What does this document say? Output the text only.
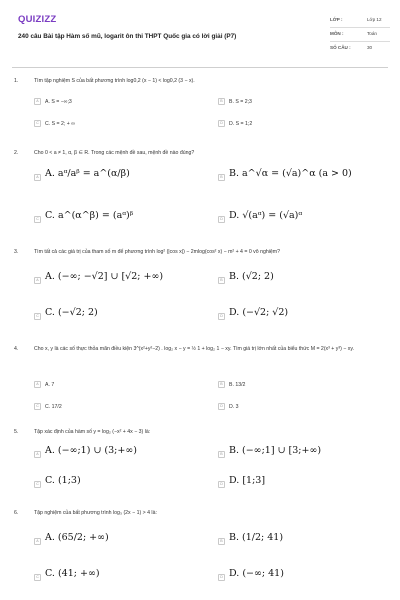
QUIZIZZ
240 câu Bài tập Hàm số mũ, logarit ôn thi THPT Quốc gia có lời giải (P7)
LỚP :	Lớp 12
MÔN :	Toán
SỐ CÂU :	30
1.	Tìm tập nghiệm S của bất phương trình log0,2 (x − 1) < log0,2 (3 − x).
A	A. S = −∞;3	B	B. S = 2;3
C	C. S = 2; + ∞	D	D. S = 1;2
2.	Cho 0 < a ≠ 1, α, β ∈ R. Trong các mệnh đề sau, mệnh đề nào đúng?
A A. aᵅ/aᵝ = a^(α/β)	B B. a^√α = (√a)^α (a > 0)
C C. a^(α^β) = (aᵅ)ᵝ	D D. √(aᵅ) = (√a)ᵅ
3.	Tìm tất cả các giá trị của tham số m để phương trình log² (|cos x|) − 2mlog(cos² x) − m² + 4 = 0 vô nghiệm?
A A. (−∞; −√2] ∪ [√2; +∞)	B B. (√2; 2)
C C. (−√2; 2)	D D. (−√2; √2)
4.	Cho x, y là các số thực thỏa mãn điều kiện 3^(x²+y²−2) . log₂ x − y = ½ 1 + log₂ 1 − xy. Tìm giá trị lớn nhất của biểu thức M = 2(x³ + y³) − xy.
A	A. 7	B	B. 13/2
C	C. 17/2	D	D. 3
5.	Tập xác định của hàm số y = log₂ (−x² + 4x − 3) là:
A A. (−∞;1) ∪ (3;+∞)	B B. (−∞;1] ∪ [3;+∞)
C C. (1;3)	D D. [1;3]
6.	Tập nghiệm của bất phương trình log₃ (2x − 1) > 4 là:
A A. (65/2; +∞)	B B. (1/2; 41)
C C. (41; +∞)	D D. (−∞; 41)
